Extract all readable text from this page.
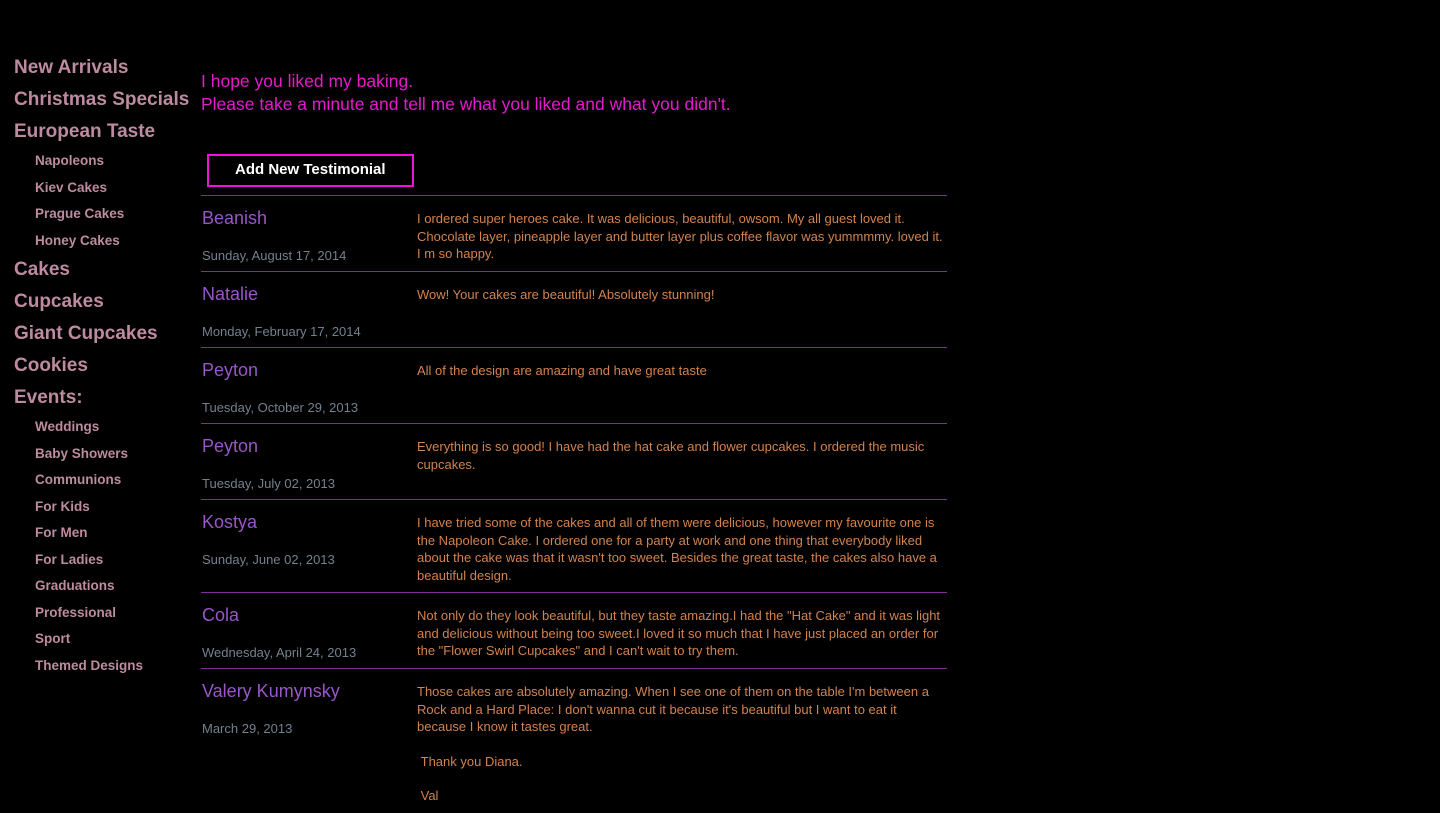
New Arrivals
Christmas Specials
European Taste
Napoleons
Kiev Cakes
Prague Cakes
Honey Cakes
Cakes
Cupcakes
Giant Cupcakes
Cookies
Events:
Weddings
Baby Showers
Communions
For Kids
For Men
For Ladies
Graduations
Professional
Sport
Themed Designs
I hope you liked my baking.
Please take a minute and tell me what you liked and what you didn't.
Add New Testimonial
Beanish
Sunday, August 17, 2014

I ordered super heroes cake. It was delicious, beautiful, owsom. My all guest loved it. Chocolate layer, pineapple layer and butter layer plus coffee flavor was yummmmy. loved it. I m so happy.

Natalie
Monday, February 17, 2014

Wow! Your cakes are beautiful! Absolutely stunning!

Peyton
Tuesday, October 29, 2013

All of the design are amazing and have great taste

Peyton
Tuesday, July 02, 2013

Everything is so good! I have had the hat cake and flower cupcakes. I ordered the music cupcakes.

Kostya
Sunday, June 02, 2013

I have tried some of the cakes and all of them were delicious, however my favourite one is the Napoleon Cake. I ordered one for a party at work and one thing that everybody liked about the cake was that it wasn't too sweet. Besides the great taste, the cakes also have a beautiful design.

Cola
Wednesday, April 24, 2013

Not only do they look beautiful, but they taste amazing.I had the "Hat Cake" and it was light and delicious without being too sweet.I loved it so much that I have just placed an order for the "Flower Swirl Cupcakes" and I can't wait to try them.

Valery Kumynsky
March 29, 2013

Those cakes are absolutely amazing. When I see one of them on the table I'm between a Rock and a Hard Place: I don't wanna cut it because it's beautiful but I want to eat it because I know it tastes great.

Thank you Diana.

Val
